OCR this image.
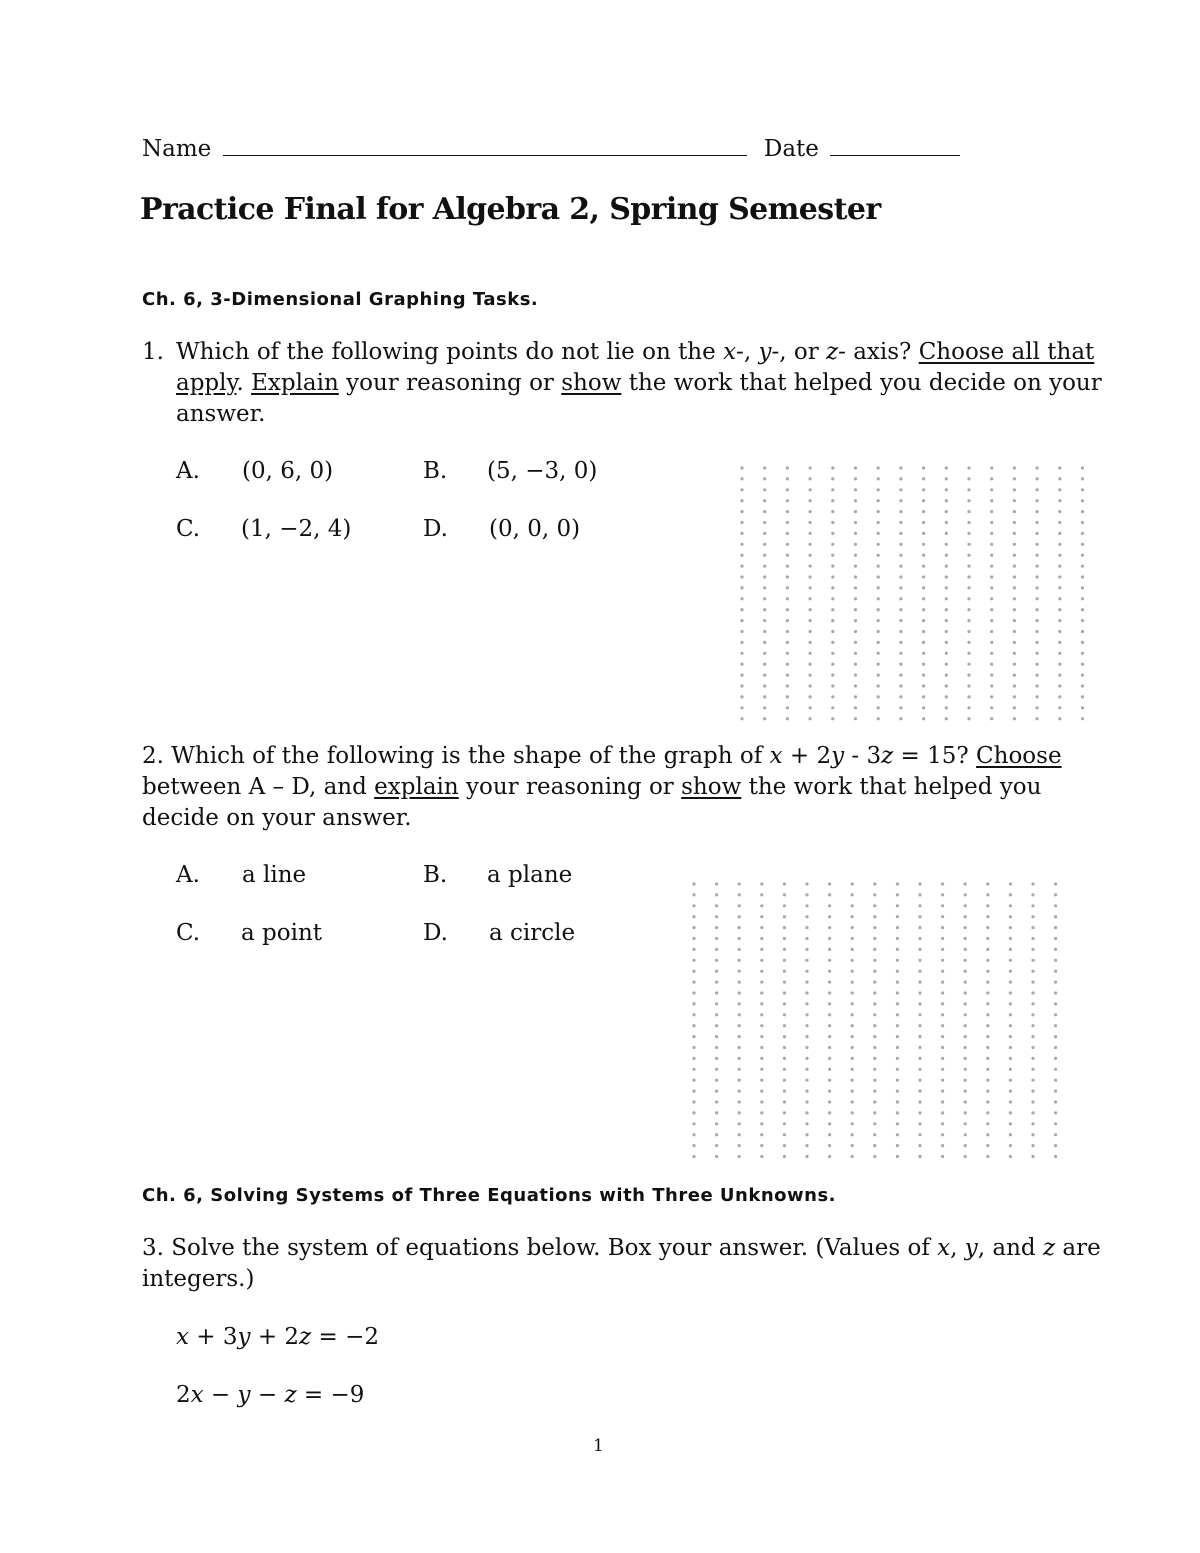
Name	Date
Practice Final for Algebra 2, Spring Semester
Ch. 6, 3-Dimensional Graphing Tasks.
1. Which of the following points do not lie on the x-, y-, or z- axis? Choose all that
apply. Explain your reasoning or show the work that helped you decide on your
answer.
A. (0, 6, 0)	B. (5, −3, 0)
C. (1, −2, 4)	D. (0, 0, 0)
2. Which of the following is the shape of the graph of x + 2y - 3z = 15? Choose
between A – D, and explain your reasoning or show the work that helped you
decide on your answer.
A. a line	B. a plane
C. a point	D. a circle
Ch. 6, Solving Systems of Three Equations with Three Unknowns.
3. Solve the system of equations below. Box your answer. (Values of x, y, and z are
integers.)
x + 3y + 2z = −2
2x − y − z = −9
1
